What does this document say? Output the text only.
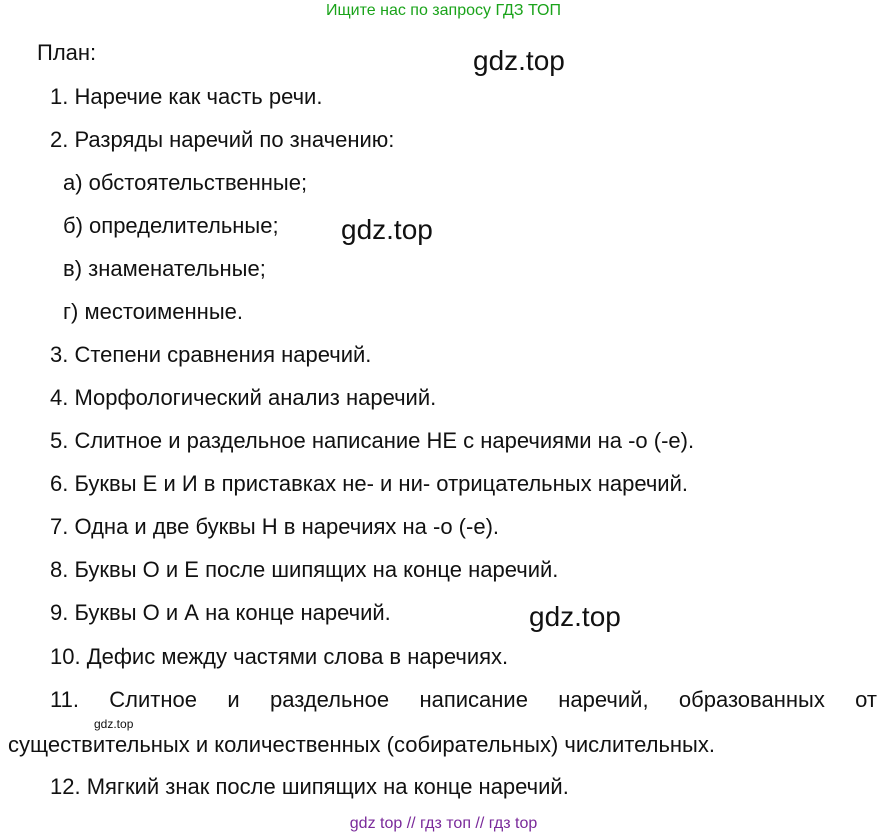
Ищите нас по запросу ГДЗ ТОП
План:
1. Наречие как часть речи.
2. Разряды наречий по значению:
а) обстоятельственные;
б) определительные;
в) знаменательные;
г) местоименные.
3. Степени сравнения наречий.
4. Морфологический анализ наречий.
5. Слитное и раздельное написание НЕ с наречиями на -о (-е).
6. Буквы Е и И в приставках не- и ни- отрицательных наречий.
7. Одна и две буквы Н в наречиях на -о (-е).
8. Буквы О и Е после шипящих на конце наречий.
9. Буквы О и А на конце наречий.
10. Дефис между частями слова в наречиях.
11. Слитное и раздельное написание наречий, образованных от
существительных и количественных (собирательных) числительных.
12. Мягкий знак после шипящих на конце наречий.
gdz.top
gdz.top
gdz.top
gdz.top
gdz top // гдз топ // гдз top
